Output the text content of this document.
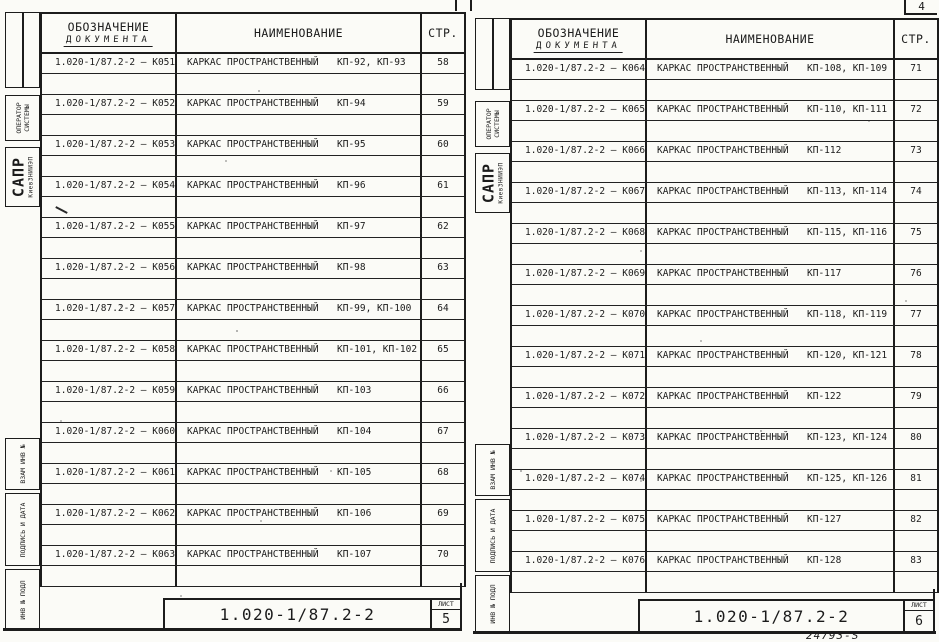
ОПЕРАТОР
СИСТЕМЫ
САПР
КиевЗНИИЭП
ВЗАМ ИНВ №
ПОДПИСЬ И ДАТА
ИНВ № ПОДЛ
ОБОЗНАЧЕНИЕ
ДОКУМЕНТА	НАИМЕНОВАНИЕ	СТР.
1.020-1/87.2-2 – К051	КАРКАС ПРОСТРАНСТВЕННЫЙ КП-92, КП-93	58
1.020-1/87.2-2 – К052	КАРКАС ПРОСТРАНСТВЕННЫЙ КП-94	59
1.020-1/87.2-2 – К053	КАРКАС ПРОСТРАНСТВЕННЫЙ КП-95	60
1.020-1/87.2-2 – К054	КАРКАС ПРОСТРАНСТВЕННЫЙ КП-96	61
1.020-1/87.2-2 – К055	КАРКАС ПРОСТРАНСТВЕННЫЙ КП-97	62
1.020-1/87.2-2 – К056	КАРКАС ПРОСТРАНСТВЕННЫЙ КП-98	63
1.020-1/87.2-2 – К057	КАРКАС ПРОСТРАНСТВЕННЫЙ КП-99, КП-100	64
1.020-1/87.2-2 – К058	КАРКАС ПРОСТРАНСТВЕННЫЙ КП-101, КП-102	65
1.020-1/87.2-2 – К059	КАРКАС ПРОСТРАНСТВЕННЫЙ КП-103	66
1.020-1/87.2-2 – К060	КАРКАС ПРОСТРАНСТВЕННЫЙ КП-104	67
1.020-1/87.2-2 – К061	КАРКАС ПРОСТРАНСТВЕННЫЙ КП-105	68
1.020-1/87.2-2 – К062	КАРКАС ПРОСТРАНСТВЕННЫЙ КП-106	69
1.020-1/87.2-2 – К063	КАРКАС ПРОСТРАНСТВЕННЫЙ КП-107	70
1.020-1/87.2-2
ЛИСТ
5
4
ОПЕРАТОР
СИСТЕМЫ
САПР
КиевЗНИИЭП
ВЗАМ ИНВ №
ПОДПИСЬ И ДАТА
ИНВ № ПОДЛ
ОБОЗНАЧЕНИЕ
ДОКУМЕНТА	НАИМЕНОВАНИЕ	СТР.
1.020-1/87.2-2 – К064	КАРКАС ПРОСТРАНСТВЕННЫЙ КП-108, КП-109	71
1.020-1/87.2-2 – К065	КАРКАС ПРОСТРАНСТВЕННЫЙ КП-110, КП-111	72
1.020-1/87.2-2 – К066	КАРКАС ПРОСТРАНСТВЕННЫЙ КП-112	73
1.020-1/87.2-2 – К067	КАРКАС ПРОСТРАНСТВЕННЫЙ КП-113, КП-114	74
1.020-1/87.2-2 – К068	КАРКАС ПРОСТРАНСТВЕННЫЙ КП-115, КП-116	75
1.020-1/87.2-2 – К069	КАРКАС ПРОСТРАНСТВЕННЫЙ КП-117	76
1.020-1/87.2-2 – К070	КАРКАС ПРОСТРАНСТВЕННЫЙ КП-118, КП-119	77
1.020-1/87.2-2 – К071	КАРКАС ПРОСТРАНСТВЕННЫЙ КП-120, КП-121	78
1.020-1/87.2-2 – К072	КАРКАС ПРОСТРАНСТВЕННЫЙ КП-122	79
1.020-1/87.2-2 – К073	КАРКАС ПРОСТРАНСТВЕННЫЙ КП-123, КП-124	80
1.020-1/87.2-2 – К074	КАРКАС ПРОСТРАНСТВЕННЫЙ КП-125, КП-126	81
1.020-1/87.2-2 – К075	КАРКАС ПРОСТРАНСТВЕННЫЙ КП-127	82
1.020-1/87.2-2 – К076	КАРКАС ПРОСТРАНСТВЕННЫЙ КП-128	83
1.020-1/87.2-2
ЛИСТ
6
24793-S
